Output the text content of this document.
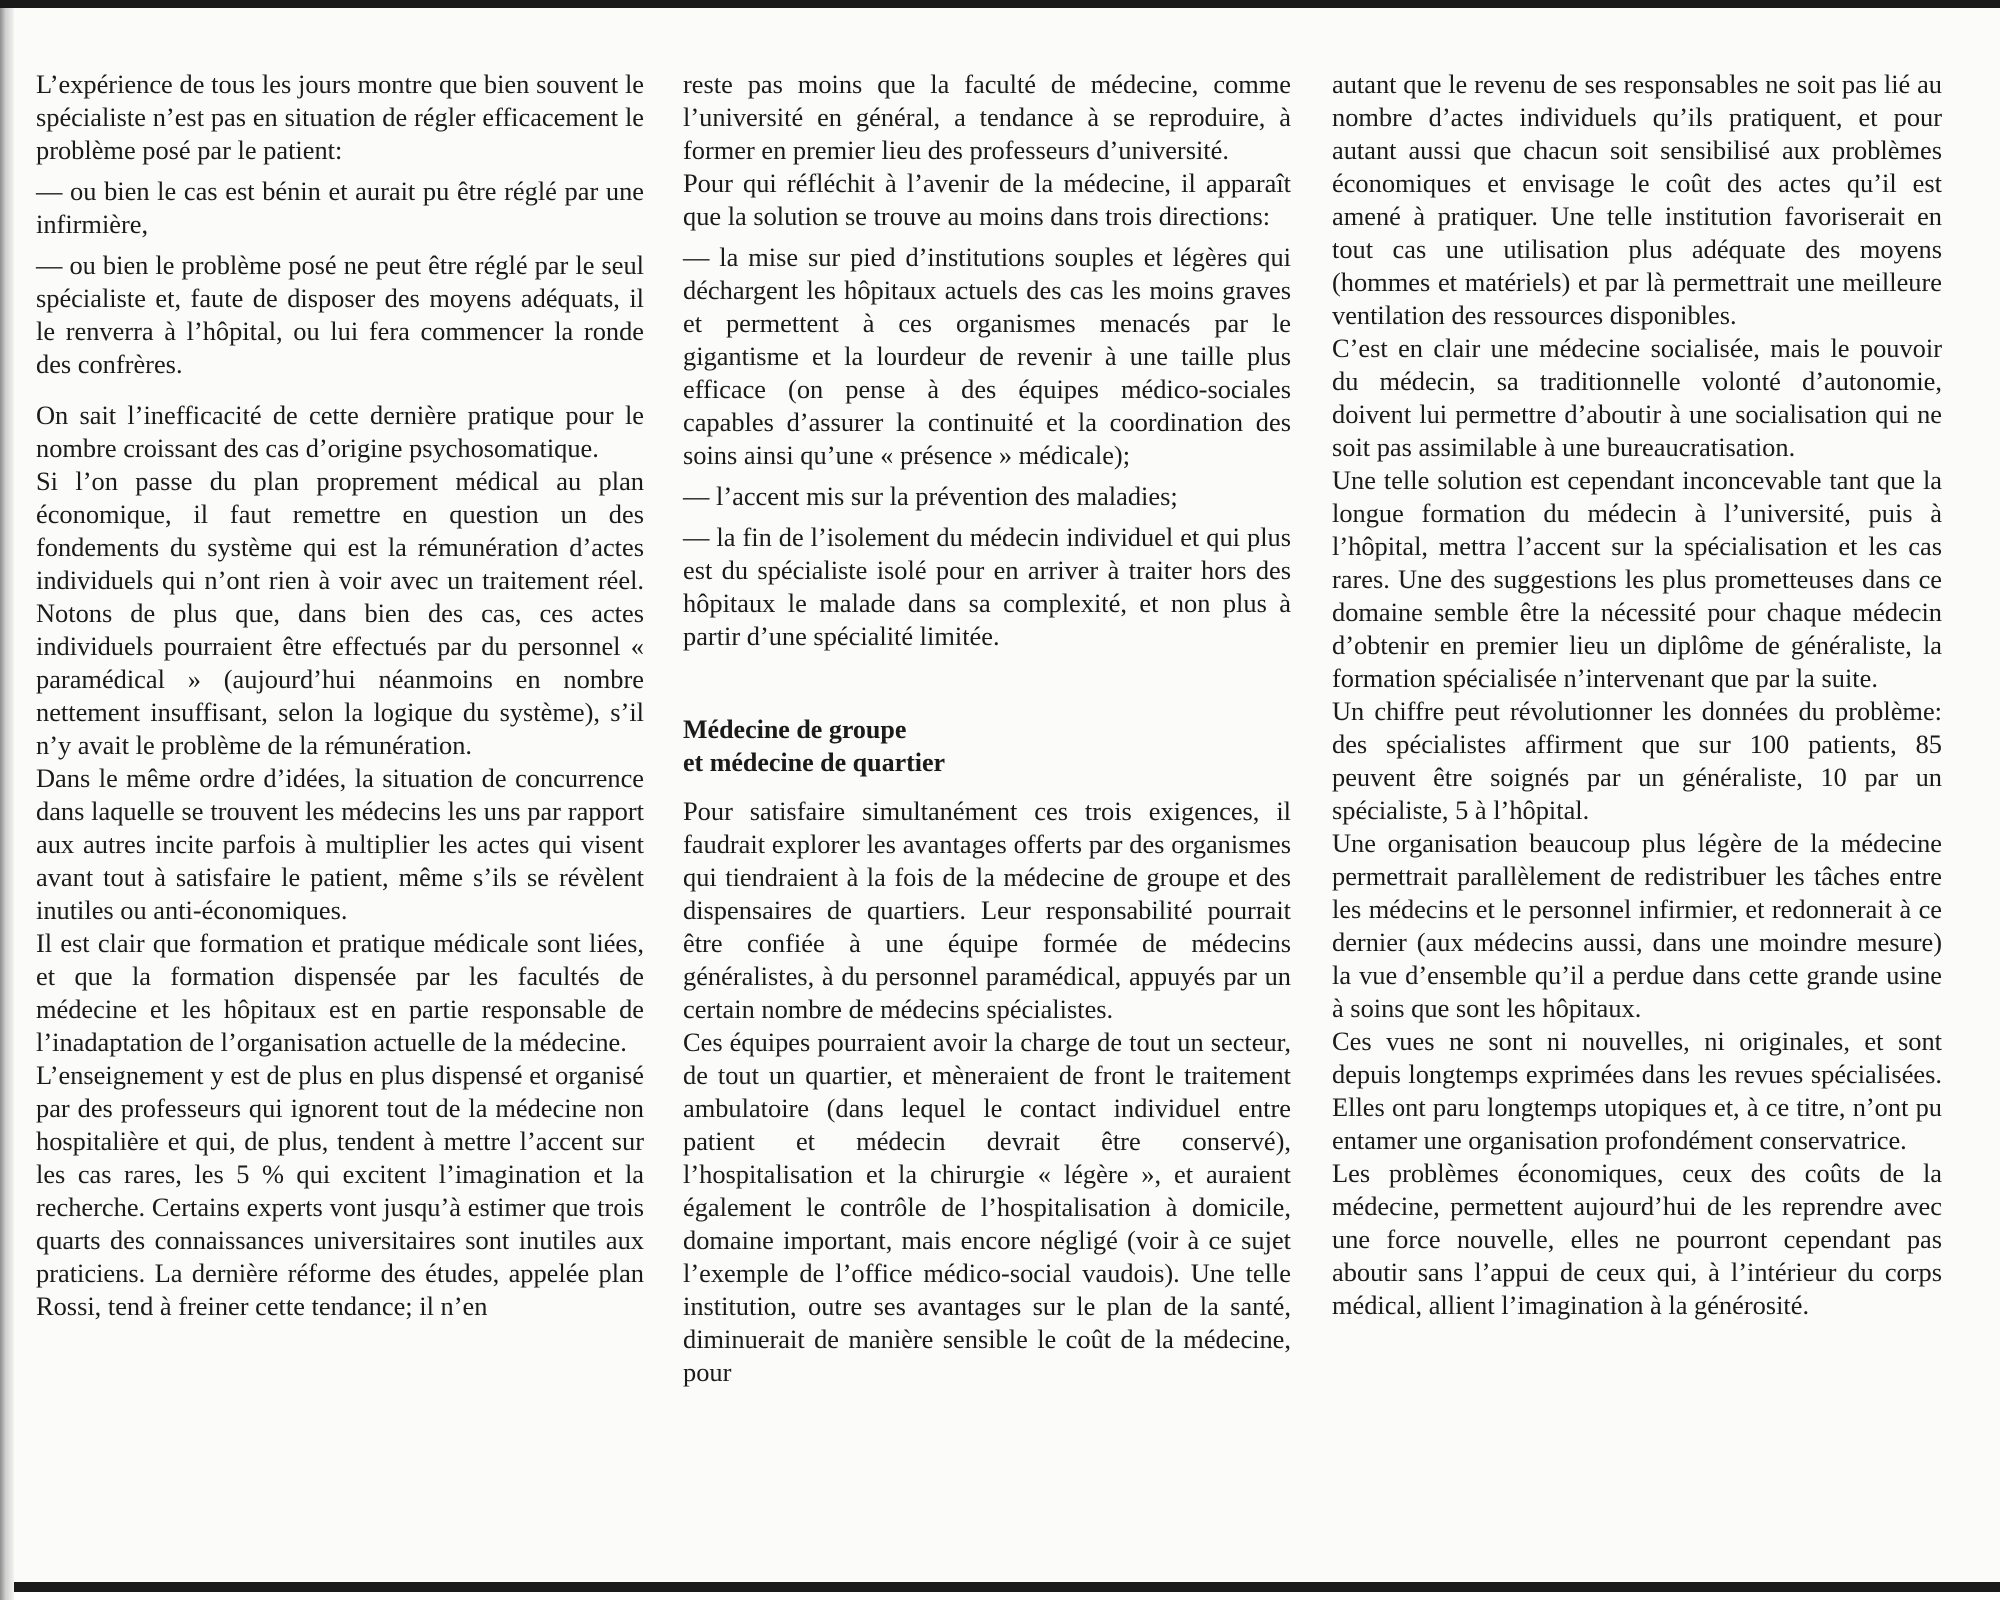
L’expérience de tous les jours montre que bien souvent le spécialiste n’est pas en situation de régler efficacement le problème posé par le patient:

— ou bien le cas est bénin et aurait pu être réglé par une infirmière,

— ou bien le problème posé ne peut être réglé par le seul spécialiste et, faute de disposer des moyens adéquats, il le renverra à l’hôpital, ou lui fera commencer la ronde des confrères.

On sait l’inefficacité de cette dernière pratique pour le nombre croissant des cas d’origine psychosomatique.

Si l’on passe du plan proprement médical au plan économique, il faut remettre en question un des fondements du système qui est la rémunération d’actes individuels qui n’ont rien à voir avec un traitement réel. Notons de plus que, dans bien des cas, ces actes individuels pourraient être effectués par du personnel « paramédical » (aujourd’hui néanmoins en nombre nettement insuffisant, selon la logique du système), s’il n’y avait le problème de la rémunération.

Dans le même ordre d’idées, la situation de concurrence dans laquelle se trouvent les médecins les uns par rapport aux autres incite parfois à multiplier les actes qui visent avant tout à satisfaire le patient, même s’ils se révèlent inutiles ou anti-économiques.

Il est clair que formation et pratique médicale sont liées, et que la formation dispensée par les facultés de médecine et les hôpitaux est en partie responsable de l’inadaptation de l’organisation actuelle de la médecine.

L’enseignement y est de plus en plus dispensé et organisé par des professeurs qui ignorent tout de la médecine non hospitalière et qui, de plus, tendent à mettre l’accent sur les cas rares, les 5 % qui excitent l’imagination et la recherche. Certains experts vont jusqu’à estimer que trois quarts des connaissances universitaires sont inutiles aux praticiens. La dernière réforme des études, appelée plan Rossi, tend à freiner cette tendance; il n’en

reste pas moins que la faculté de médecine, comme l’université en général, a tendance à se reproduire, à former en premier lieu des professeurs d’université.

Pour qui réfléchit à l’avenir de la médecine, il apparaît que la solution se trouve au moins dans trois directions:

— la mise sur pied d’institutions souples et légères qui déchargent les hôpitaux actuels des cas les moins graves et permettent à ces organismes menacés par le gigantisme et la lourdeur de revenir à une taille plus efficace (on pense à des équipes médico-sociales capables d’assurer la continuité et la coordination des soins ainsi qu’une « présence » médicale);

— l’accent mis sur la prévention des maladies;

— la fin de l’isolement du médecin individuel et qui plus est du spécialiste isolé pour en arriver à traiter hors des hôpitaux le malade dans sa complexité, et non plus à partir d’une spécialité limitée.

Médecine de groupe
et médecine de quartier

Pour satisfaire simultanément ces trois exigences, il faudrait explorer les avantages offerts par des organismes qui tiendraient à la fois de la médecine de groupe et des dispensaires de quartiers. Leur responsabilité pourrait être confiée à une équipe formée de médecins généralistes, à du personnel paramédical, appuyés par un certain nombre de médecins spécialistes.

Ces équipes pourraient avoir la charge de tout un secteur, de tout un quartier, et mèneraient de front le traitement ambulatoire (dans lequel le contact individuel entre patient et médecin devrait être conservé), l’hospitalisation et la chirurgie « légère », et auraient également le contrôle de l’hospitalisation à domicile, domaine important, mais encore négligé (voir à ce sujet l’exemple de l’office médico-social vaudois). Une telle institution, outre ses avantages sur le plan de la santé, diminuerait de manière sensible le coût de la médecine, pour

autant que le revenu de ses responsables ne soit pas lié au nombre d’actes individuels qu’ils pratiquent, et pour autant aussi que chacun soit sensibilisé aux problèmes économiques et envisage le coût des actes qu’il est amené à pratiquer. Une telle institution favoriserait en tout cas une utilisation plus adéquate des moyens (hommes et matériels) et par là permettrait une meilleure ventilation des ressources disponibles.

C’est en clair une médecine socialisée, mais le pouvoir du médecin, sa traditionnelle volonté d’autonomie, doivent lui permettre d’aboutir à une socialisation qui ne soit pas assimilable à une bureaucratisation.

Une telle solution est cependant inconcevable tant que la longue formation du médecin à l’université, puis à l’hôpital, mettra l’accent sur la spécialisation et les cas rares. Une des suggestions les plus prometteuses dans ce domaine semble être la nécessité pour chaque médecin d’obtenir en premier lieu un diplôme de généraliste, la formation spécialisée n’intervenant que par la suite.

Un chiffre peut révolutionner les données du problème: des spécialistes affirment que sur 100 patients, 85 peuvent être soignés par un généraliste, 10 par un spécialiste, 5 à l’hôpital.

Une organisation beaucoup plus légère de la médecine permettrait parallèlement de redistribuer les tâches entre les médecins et le personnel infirmier, et redonnerait à ce dernier (aux médecins aussi, dans une moindre mesure) la vue d’ensemble qu’il a perdue dans cette grande usine à soins que sont les hôpitaux.

Ces vues ne sont ni nouvelles, ni originales, et sont depuis longtemps exprimées dans les revues spécialisées. Elles ont paru longtemps utopiques et, à ce titre, n’ont pu entamer une organisation profondément conservatrice.

Les problèmes économiques, ceux des coûts de la médecine, permettent aujourd’hui de les reprendre avec une force nouvelle, elles ne pourront cependant pas aboutir sans l’appui de ceux qui, à l’intérieur du corps médical, allient l’imagination à la générosité.
